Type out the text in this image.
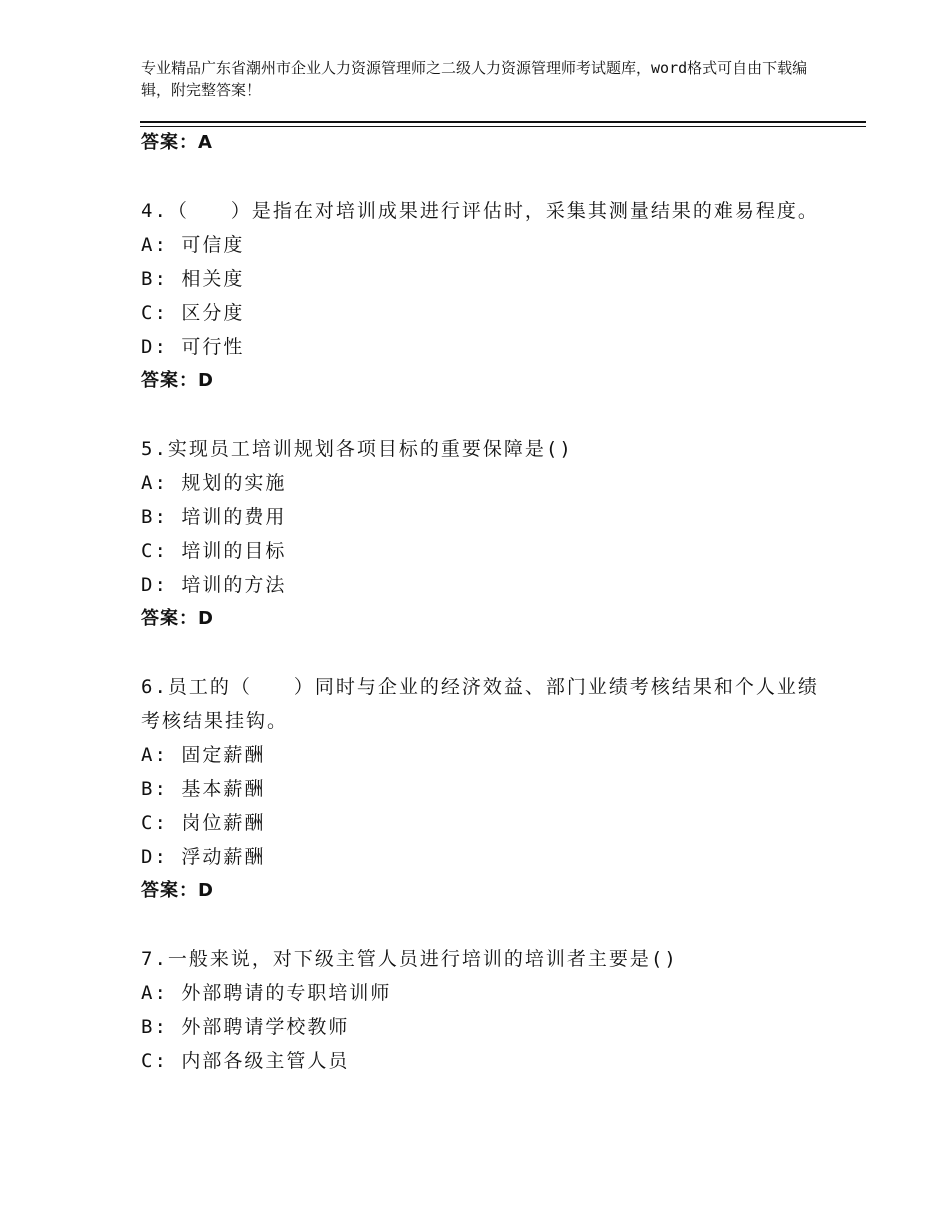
专业精品广东省潮州市企业人力资源管理师之二级人力资源管理师考试题库，word格式可自由下载编辑，附完整答案！
答案：A
4.（　　）是指在对培训成果进行评估时，采集其测量结果的难易程度。
A: 可信度
B: 相关度
C: 区分度
D: 可行性
答案：D
5.实现员工培训规划各项目标的重要保障是()
A: 规划的实施
B: 培训的费用
C: 培训的目标
D: 培训的方法
答案：D
6.员工的（　　）同时与企业的经济效益、部门业绩考核结果和个人业绩考核结果挂钩。
A: 固定薪酬
B: 基本薪酬
C: 岗位薪酬
D: 浮动薪酬
答案：D
7.一般来说，对下级主管人员进行培训的培训者主要是()
A: 外部聘请的专职培训师
B: 外部聘请学校教师
C: 内部各级主管人员
